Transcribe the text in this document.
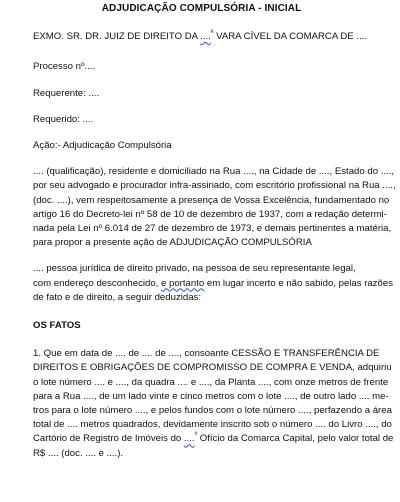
ADJUDICAÇÃO COMPULSÓRIA - INICIAL
EXMO. SR. DR. JUIZ DE DIREITO DA ....$^ª$ VARA CÍVEL DA COMARCA DE ....
Processo nº....
Requerente: ....
Requerido: ....
Ação:- Adjudicação Compulsória
.... (qualificação), residente e domiciliado na Rua ...., na Cidade de ...., Estado do ....,
por seu advogado e procurador infra-assinado, com escritório profissional na Rua ....,
(doc. ....), vem respeitosamente a presença de Vossa Excelência, fundamentado no
artigo 16 do Decreto-lei nº 58 de 10 de dezembro de 1937, com a redação determi-
nada pela Lei nº 6.014 de 27 de dezembro de 1973, e demais pertinentes a matéria,
para propor a presente ação de ADJUDICAÇÃO COMPULSÓRIA
.... pessoa jurídica de direito privado, na pessoa de seu representante legal,
com endereço desconhecido, e portanto em lugar incerto e não sabido, pelas razões
de fato e de direito, a seguir deduzidas:
OS FATOS
1. Que em data de .... de .... de ...., consoante CESSÃO E TRANSFERÊNCIA DE
DIREITOS E OBRIGAÇÕES DE COMPROMISSO DE COMPRA E VENDA, adquiriu
o lote número .... e ...., da quadra .... e ...., da Planta ...., com onze metros de frente
para a Rua ...., de um lado vinte e cinco metros com o lote ...., de outro lado .... me-
tros para o lote número ...., e pelos fundos com o lote número ...., perfazendo a área
total de .... metros quadrados, devidamente inscrito sob o número .... do Livro ...., do
Cartório de Registro de Imóveis do ....$^º$ Ofício da Comarca Capital, pelo valor total de
R$ .... (doc. .... e ....).
